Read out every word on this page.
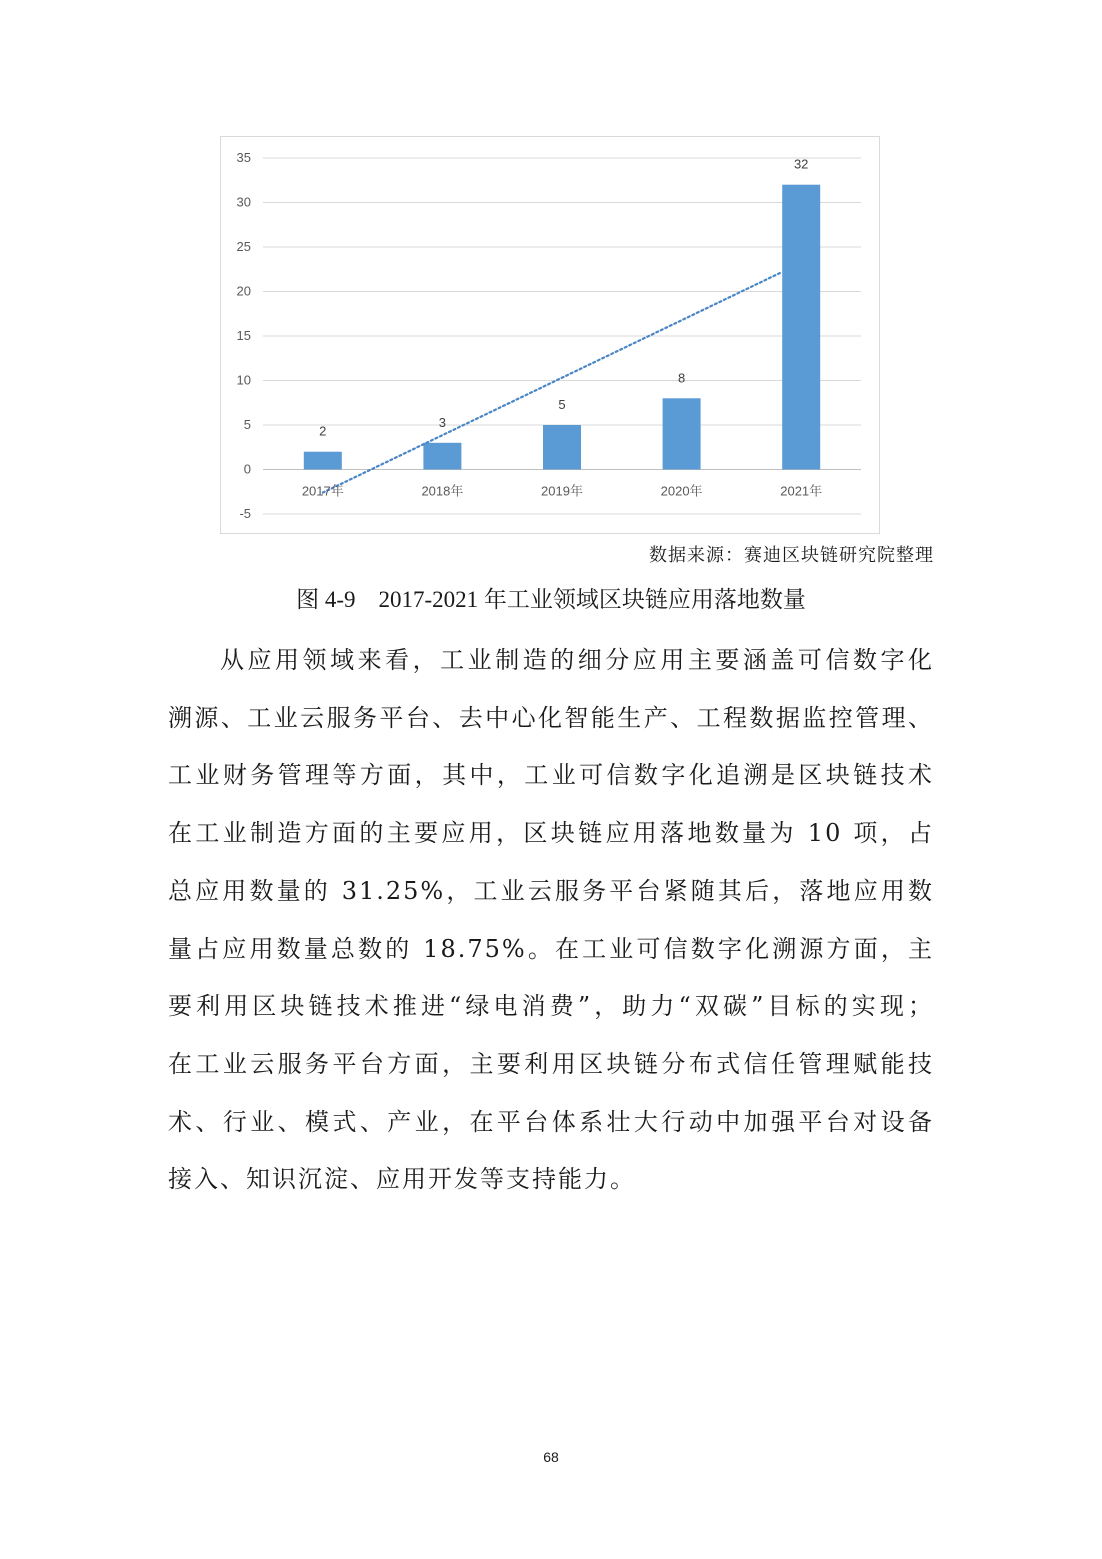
35
30
25
20
15
10
5
0
-5
2
2017年
3
2018年
5
2019年
8
2020年
32
2021年
数据来源：赛迪区块链研究院整理
图 4-9　2017-2021 年工业领域区块链应用落地数量

从应用领域来看，工业制造的细分应用主要涵盖可信数字化
溯源、工业云服务平台、去中心化智能生产、工程数据监控管理、
工业财务管理等方面，其中，工业可信数字化追溯是区块链技术
在工业制造方面的主要应用，区块链应用落地数量为 10 项，占
总应用数量的 31.25%，工业云服务平台紧随其后，落地应用数
量占应用数量总数的 18.75%。在工业可信数字化溯源方面，主
要利用区块链技术推进“绿电消费”，助力“双碳”目标的实现；
在工业云服务平台方面，主要利用区块链分布式信任管理赋能技
术、行业、模式、产业，在平台体系壮大行动中加强平台对设备
接入、知识沉淀、应用开发等支持能力。

68
